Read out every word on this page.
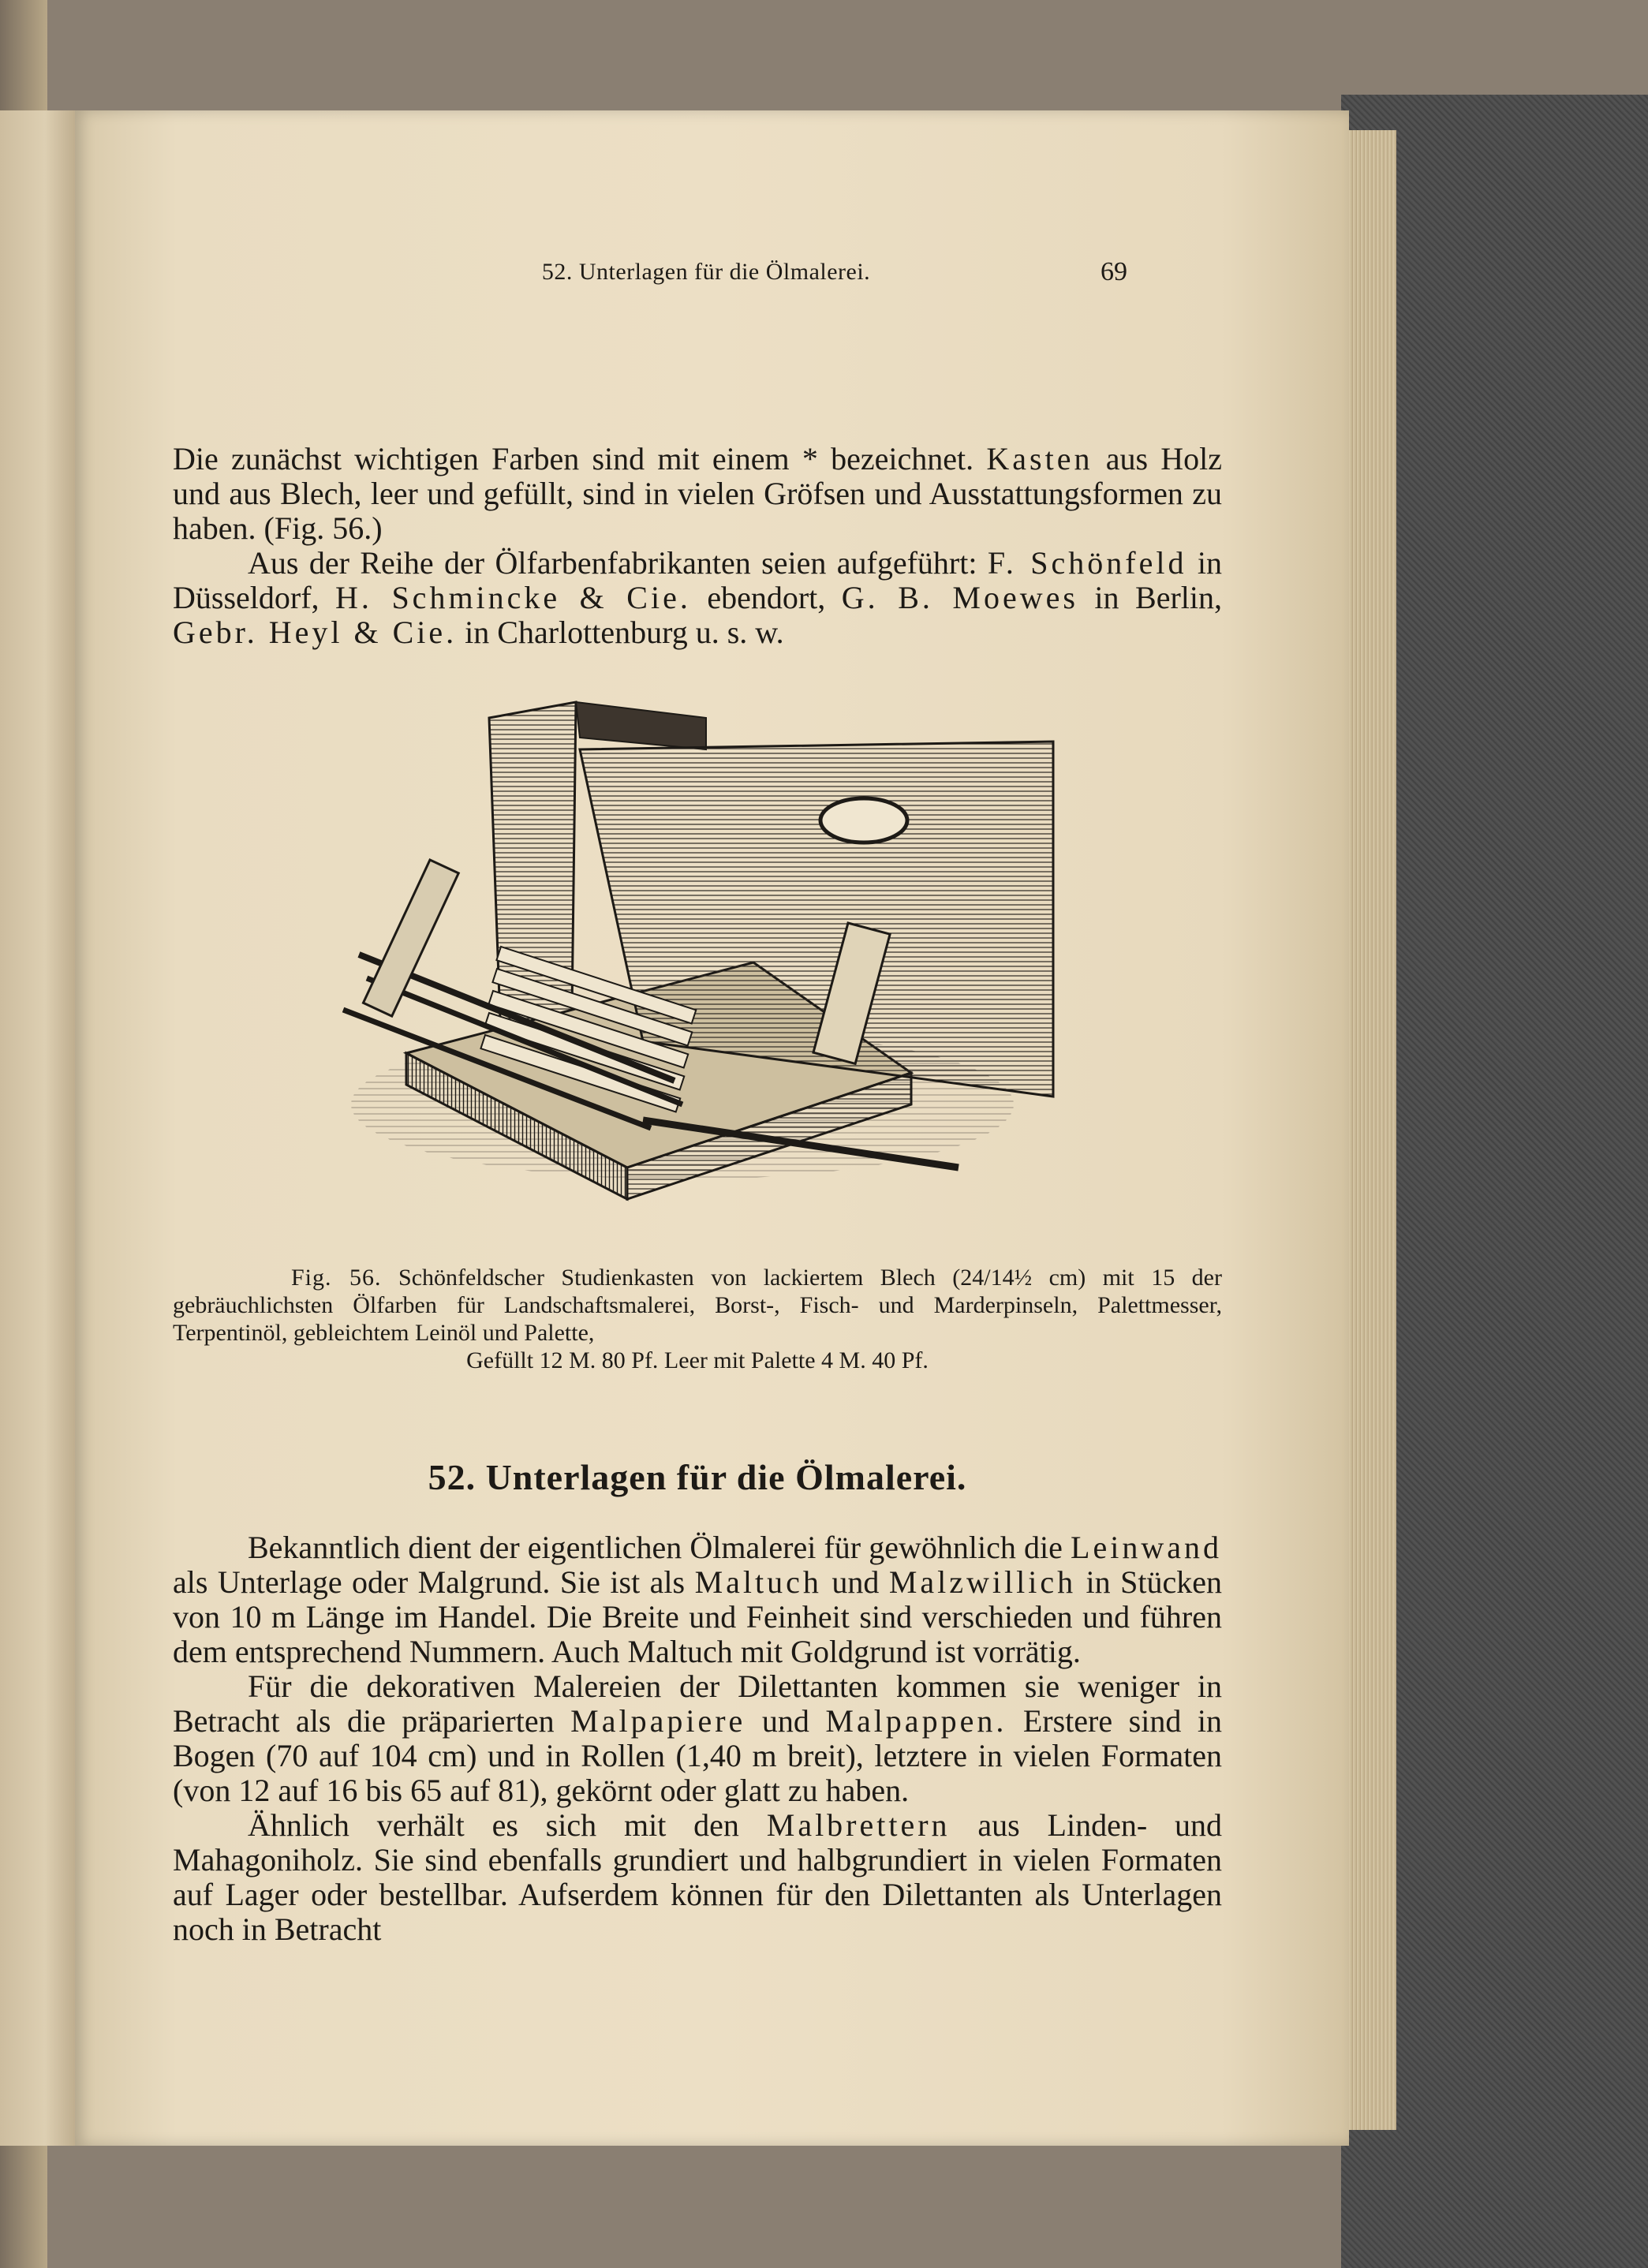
52. Unterlagen für die Ölmalerei.	69

Die zunächst wichtigen Farben sind mit einem * bezeichnet. Kasten aus Holz und aus Blech, leer und gefüllt, sind in vielen Gröfsen und Ausstattungsformen zu haben. (Fig. 56.)

Aus der Reihe der Ölfarbenfabrikanten seien aufgeführt: F. Schönfeld in Düsseldorf, H. Schmincke & Cie. ebendort, G. B. Moewes in Berlin, Gebr. Heyl & Cie. in Charlottenburg u. s. w.

Fig. 56. Schönfeldscher Studienkasten von lackiertem Blech (24/14½ cm) mit 15 der gebräuchlichsten Ölfarben für Landschaftsmalerei, Borst-, Fisch- und Marderpinseln, Palettmesser, Terpentinöl, gebleichtem Leinöl und Palette,
Gefüllt 12 M. 80 Pf. Leer mit Palette 4 M. 40 Pf.
52. Unterlagen für die Ölmalerei.

Bekanntlich dient der eigentlichen Ölmalerei für gewöhnlich die Leinwand als Unterlage oder Malgrund. Sie ist als Maltuch und Malzwillich in Stücken von 10 m Länge im Handel. Die Breite und Feinheit sind verschieden und führen dem entsprechend Nummern. Auch Maltuch mit Goldgrund ist vorrätig.

Für die dekorativen Malereien der Dilettanten kommen sie weniger in Betracht als die präparierten Malpapiere und Malpappen. Erstere sind in Bogen (70 auf 104 cm) und in Rollen (1,40 m breit), letztere in vielen Formaten (von 12 auf 16 bis 65 auf 81), gekörnt oder glatt zu haben.

Ähnlich verhält es sich mit den Malbrettern aus Linden- und Mahagoniholz. Sie sind ebenfalls grundiert und halbgrundiert in vielen Formaten auf Lager oder bestellbar. Aufserdem können für den Dilettanten als Unterlagen noch in Betracht
